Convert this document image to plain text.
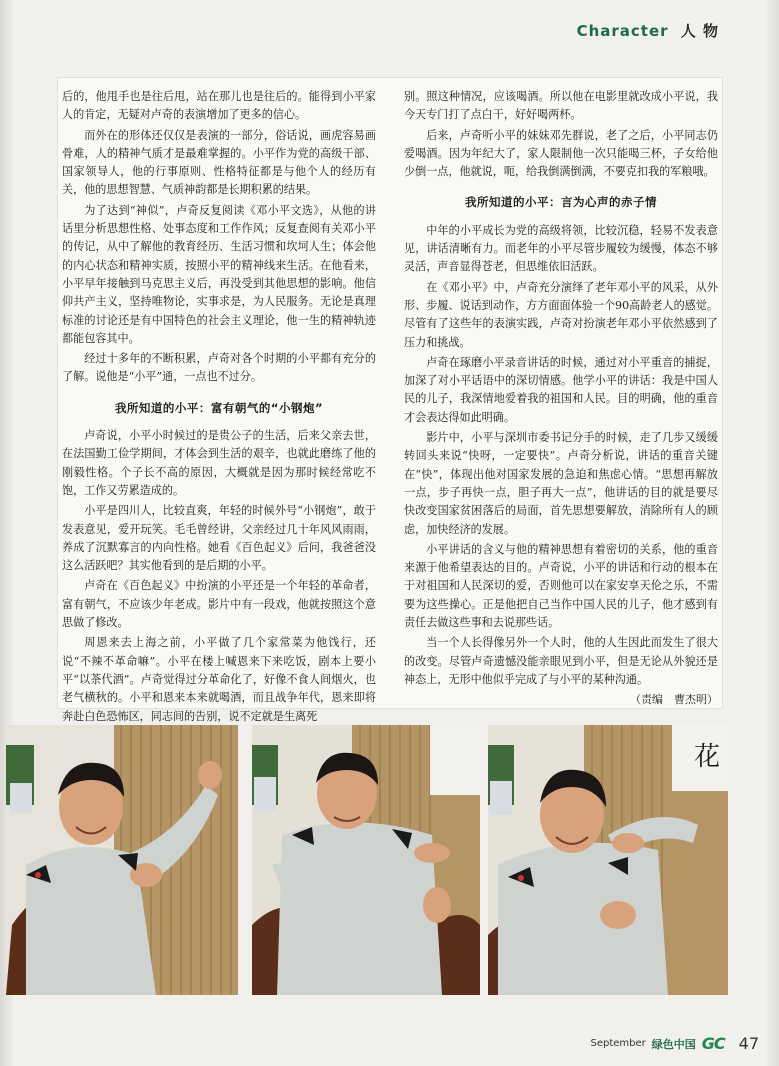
Character 人 物

后的，他甩手也是往后甩，站在那儿也是往后的。能得到小平家人的肯定，无疑对卢奇的表演增加了更多的信心。

而外在的形体还仅仅是表演的一部分，俗话说，画虎容易画骨难，人的精神气质才是最难掌握的。小平作为党的高级干部、国家领导人，他的行事原则、性格特征都是与他个人的经历有关，他的思想智慧、气质神韵都是长期积累的结果。

为了达到“神似”，卢奇反复阅读《邓小平文选》，从他的讲话里分析思想性格、处事态度和工作作风；反复查阅有关邓小平的传记，从中了解他的教育经历、生活习惯和坎坷人生；体会他的内心状态和精神实质，按照小平的精神线来生活。在他看来，小平早年接触到马克思主义后，再没受到其他思想的影响。他信仰共产主义，坚持唯物论，实事求是，为人民服务。无论是真理标准的讨论还是有中国特色的社会主义理论，他一生的精神轨迹都能包容其中。

经过十多年的不断积累，卢奇对各个时期的小平都有充分的了解。说他是“小平”通，一点也不过分。

我所知道的小平：富有朝气的“小钢炮”

卢奇说，小平小时候过的是贵公子的生活，后来父亲去世，在法国勤工俭学期间，才体会到生活的艰辛，也就此磨练了他的刚毅性格。个子长不高的原因，大概就是因为那时候经常吃不饱，工作又劳累造成的。

小平是四川人，比较直爽，年轻的时候外号“小钢炮”，敢于发表意见，爱开玩笑。毛毛曾经讲，父亲经过几十年风风雨雨，养成了沉默寡言的内向性格。她看《百色起义》后问，我爸爸没这么活跃吧？其实他看到的是后期的小平。

卢奇在《百色起义》中扮演的小平还是一个年轻的革命者，富有朝气，不应该少年老成。影片中有一段戏，他就按照这个意思做了修改。

周恩来去上海之前，小平做了几个家常菜为他饯行，还说“不辣不革命嘛”。小平在楼上喊恩来下来吃饭，剧本上要小平“以茶代酒”。卢奇觉得过分革命化了，好像不食人间烟火，也老气横秋的。小平和恩来本来就喝酒，而且战争年代，恩来即将奔赴白色恐怖区，同志间的告别，说不定就是生离死

别。照这种情况，应该喝酒。所以他在电影里就改成小平说，我今天专门打了点白干，好好喝两杯。

后来，卢奇听小平的妹妹邓先群说，老了之后，小平同志仍爱喝酒。因为年纪大了，家人限制他一次只能喝三杯，子女给他少倒一点，他就说，呃，给我倒满倒满，不要克扣我的军粮哦。

我所知道的小平：言为心声的赤子情

中年的小平成长为党的高级将领，比较沉稳，轻易不发表意见，讲话清晰有力。而老年的小平尽管步履较为缓慢，体态不够灵活，声音显得苍老，但思维依旧活跃。

在《邓小平》中，卢奇充分演绎了老年邓小平的风采，从外形、步履、说话到动作，方方面面体验一个90高龄老人的感觉。尽管有了这些年的表演实践，卢奇对扮演老年邓小平依然感到了压力和挑战。

卢奇在琢磨小平录音讲话的时候，通过对小平重音的捕捉，加深了对小平话语中的深切情感。他学小平的讲话：我是中国人民的儿子，我深情地爱着我的祖国和人民。目的明确，他的重音才会表达得如此明确。

影片中，小平与深圳市委书记分手的时候，走了几步又缓缓转回头来说“快呀，一定要快”。卢奇分析说，讲话的重音关键在“快”，体现出他对国家发展的急迫和焦虑心情。“思想再解放一点，步子再快一点，胆子再大一点”，他讲话的目的就是要尽快改变国家贫困落后的局面，首先思想要解放，消除所有人的顾虑，加快经济的发展。

小平讲话的含义与他的精神思想有着密切的关系，他的重音来源于他希望表达的目的。卢奇说，小平的讲话和行动的根本在于对祖国和人民深切的爱，否则他可以在家安享天伦之乐，不需要为这些操心。正是他把自己当作中国人民的儿子，他才感到有责任去做这些事和去说那些话。

当一个人长得像另外一个人时，他的人生因此而发生了很大的改变。尽管卢奇遗憾没能亲眼见到小平，但是无论从外貌还是神态上，无形中他似乎完成了与小平的某种沟通。

（责编　曹杰明）
花
September 绿色中国 GC 47
